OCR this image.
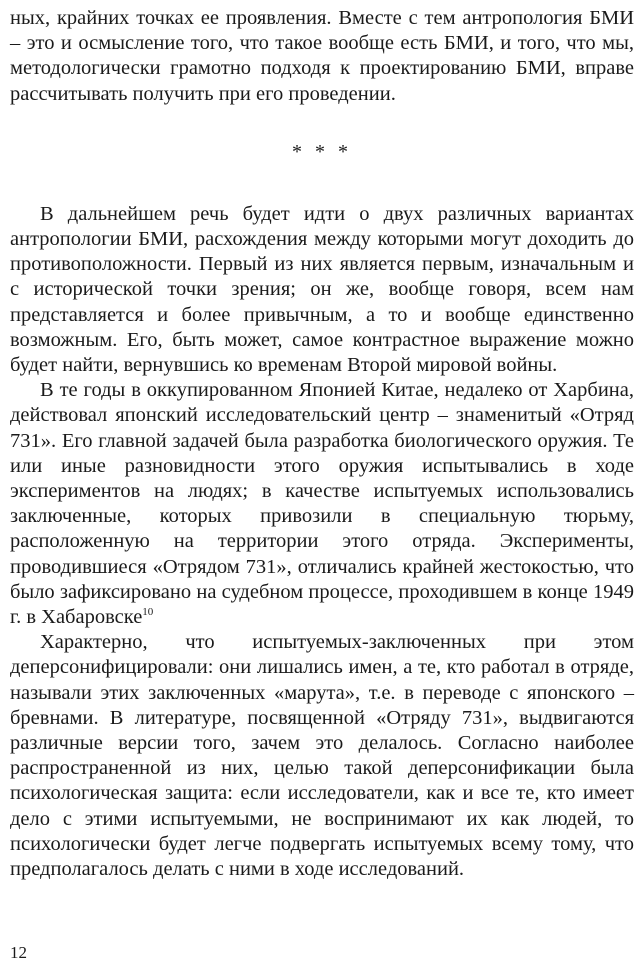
ных, крайних точках ее проявления. Вместе с тем антропология БМИ – это и осмысление того, что такое вообще есть БМИ, и того, что мы, методологически грамотно подходя к проектированию БМИ, вправе рассчитывать получить при его проведении.

* * *

В дальнейшем речь будет идти о двух различных вариантах антропологии БМИ, расхождения между которыми могут доходить до противоположности. Первый из них является первым, изначальным и с исторической точки зрения; он же, вообще говоря, всем нам представляется и более привычным, а то и вообще единственно возможным. Его, быть может, самое контрастное выражение можно будет найти, вернувшись ко временам Второй мировой войны.

В те годы в оккупированном Японией Китае, недалеко от Харбина, действовал японский исследовательский центр – знаменитый «Отряд 731». Его главной задачей была разработка биологического оружия. Те или иные разновидности этого оружия испытывались в ходе экспериментов на людях; в качестве испытуемых использовались заключенные, которых привозили в специальную тюрьму, расположенную на территории этого отряда. Эксперименты, проводившиеся «Отрядом 731», отличались крайней жестокостью, что было зафиксировано на судебном процессе, проходившем в конце 1949 г. в Хабаровске$^{10}$

Характерно, что испытуемых-заключенных при этом деперсонифицировали: они лишались имен, а те, кто работал в отряде, называли этих заключенных «марута», т.е. в переводе с японского – бревнами. В литературе, посвященной «Отряду 731», выдвигаются различные версии того, зачем это делалось. Согласно наиболее распространенной из них, целью такой деперсонификации была психологическая защита: если исследователи, как и все те, кто имеет дело с этими испытуемыми, не воспринимают их как людей, то психологически будет легче подвергать испытуемых всему тому, что предполагалось делать с ними в ходе исследований.

12
